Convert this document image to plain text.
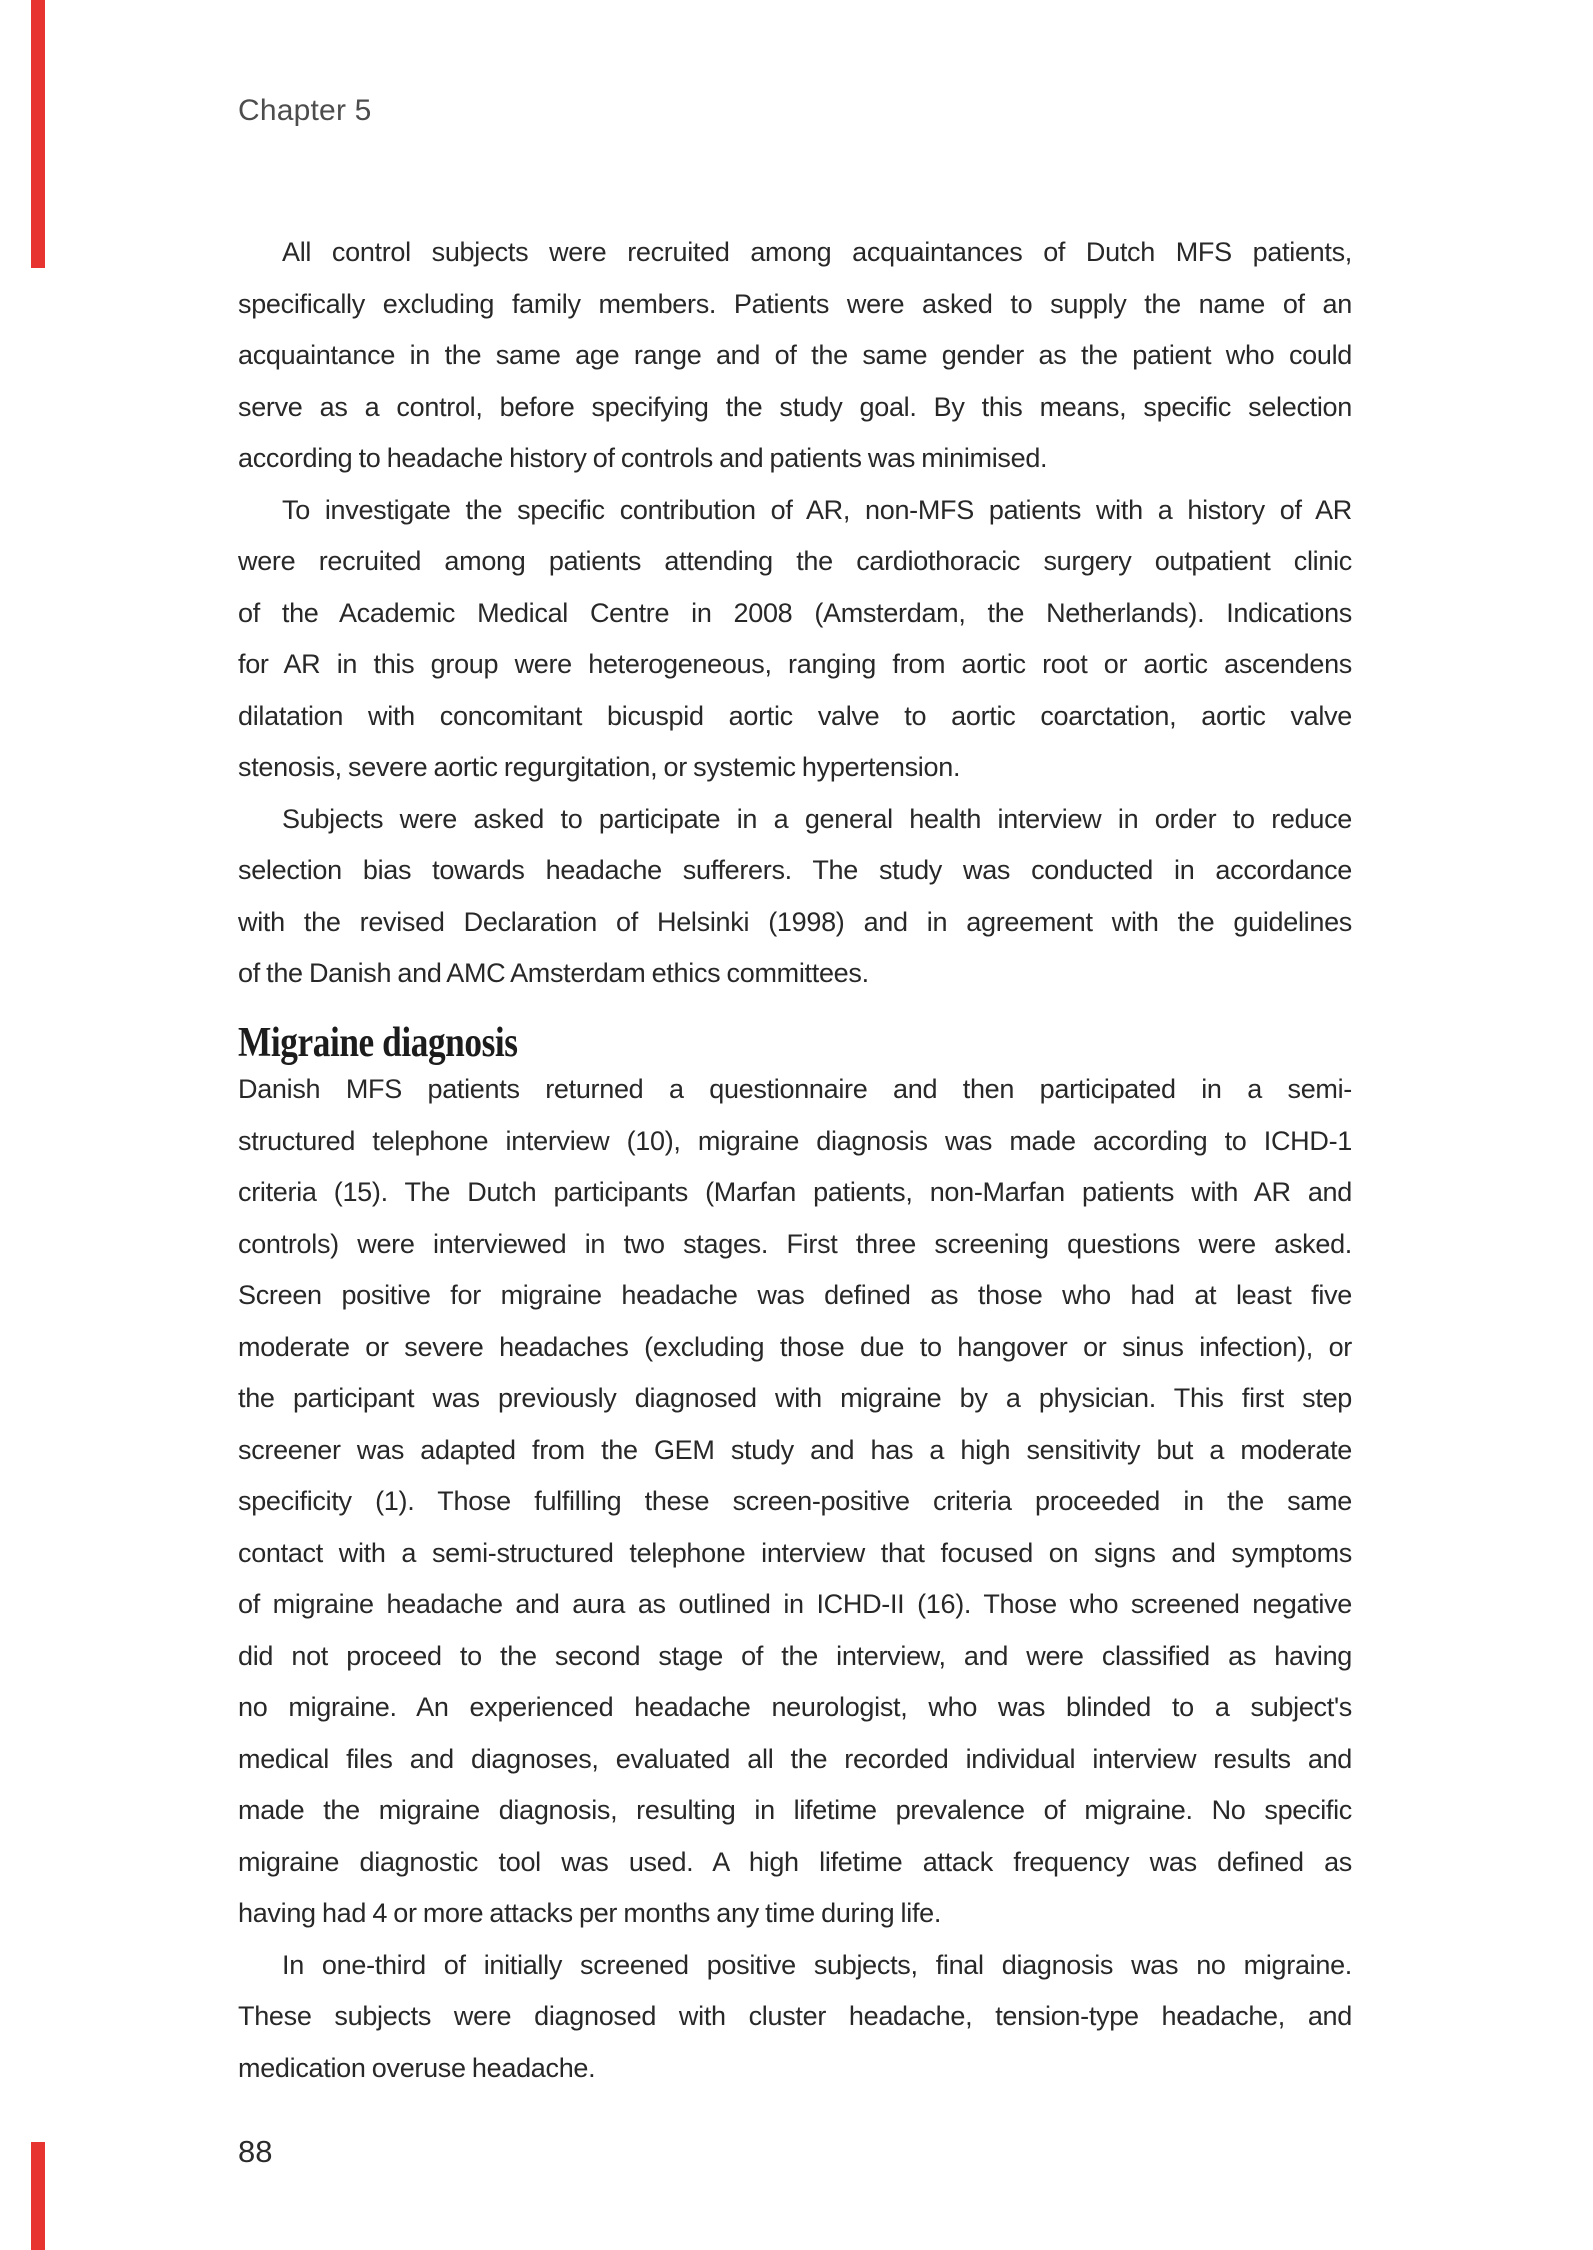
Chapter 5
All control subjects were recruited among acquaintances of Dutch MFS patients,
specifically excluding family members. Patients were asked to supply the name of an
acquaintance in the same age range and of the same gender as the patient who could
serve as a control, before specifying the study goal. By this means, specific selection
according to headache history of controls and patients was minimised.
To investigate the specific contribution of AR, non-MFS patients with a history of AR
were recruited among patients attending the cardiothoracic surgery outpatient clinic
of the Academic Medical Centre in 2008 (Amsterdam, the Netherlands). Indications
for AR in this group were heterogeneous, ranging from aortic root or aortic ascendens
dilatation with concomitant bicuspid aortic valve to aortic coarctation, aortic valve
stenosis, severe aortic regurgitation, or systemic hypertension.
Subjects were asked to participate in a general health interview in order to reduce
selection bias towards headache sufferers. The study was conducted in accordance
with the revised Declaration of Helsinki (1998) and in agreement with the guidelines
of the Danish and AMC Amsterdam ethics committees.
Migraine diagnosis
Danish MFS patients returned a questionnaire and then participated in a semi-
structured telephone interview (10), migraine diagnosis was made according to ICHD-1
criteria (15). The Dutch participants (Marfan patients, non-Marfan patients with AR and
controls) were interviewed in two stages. First three screening questions were asked.
Screen positive for migraine headache was defined as those who had at least five
moderate or severe headaches (excluding those due to hangover or sinus infection), or
the participant was previously diagnosed with migraine by a physician. This first step
screener was adapted from the GEM study and has a high sensitivity but a moderate
specificity (1). Those fulfilling these screen-positive criteria proceeded in the same
contact with a semi-structured telephone interview that focused on signs and symptoms
of migraine headache and aura as outlined in ICHD-II (16). Those who screened negative
did not proceed to the second stage of the interview, and were classified as having
no migraine. An experienced headache neurologist, who was blinded to a subject's
medical files and diagnoses, evaluated all the recorded individual interview results and
made the migraine diagnosis, resulting in lifetime prevalence of migraine. No specific
migraine diagnostic tool was used. A high lifetime attack frequency was defined as
having had 4 or more attacks per months any time during life.
In one-third of initially screened positive subjects, final diagnosis was no migraine.
These subjects were diagnosed with cluster headache, tension-type headache, and
medication overuse headache.
88
